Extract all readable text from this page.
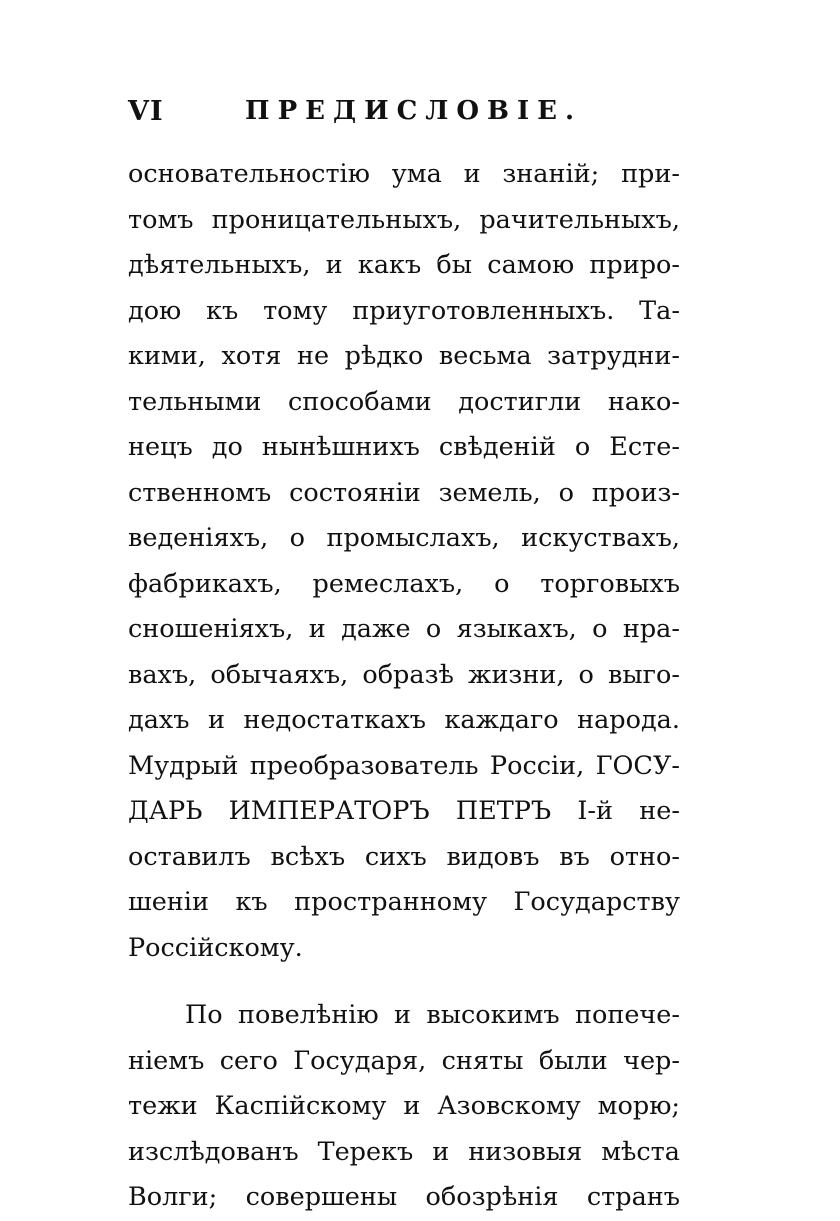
VI	ПРЕДИСЛОВІЕ.
основательностію ума и знаній; при-
томъ проницательныхъ, рачительныхъ,
дѣятельныхъ, и какъ бы самою приро-
дою къ тому приуготовленныхъ. Та-
кими, хотя не рѣдко весьма затрудни-
тельными способами достигли нако-
нецъ до нынѣшнихъ свѣденій о Есте-
ственномъ состояніи земель, о произ-
веденіяхъ, о промыслахъ, искуствахъ,
фабрикахъ, ремеслахъ, о торговыхъ
сношеніяхъ, и даже о языкахъ, о нра-
вахъ, обычаяхъ, образѣ жизни, о выго-
дахъ и недостаткахъ каждаго народа.
Мудрый преобразователь Россіи, ГОСУ-
ДАРЬ ИМПЕРАТОРЪ ПЕТРЪ I-й не-
оставилъ всѣхъ сихъ видовъ въ отно-
шеніи къ пространному Государству
Россійскому.
По повелѣнію и высокимъ попече-
ніемъ сего Государя, сняты были чер-
тежи Каспійскому и Азовскому морю;
изслѣдованъ Терекъ и низовыя мѣста
Волги; совершены обозрѣнія странъ
